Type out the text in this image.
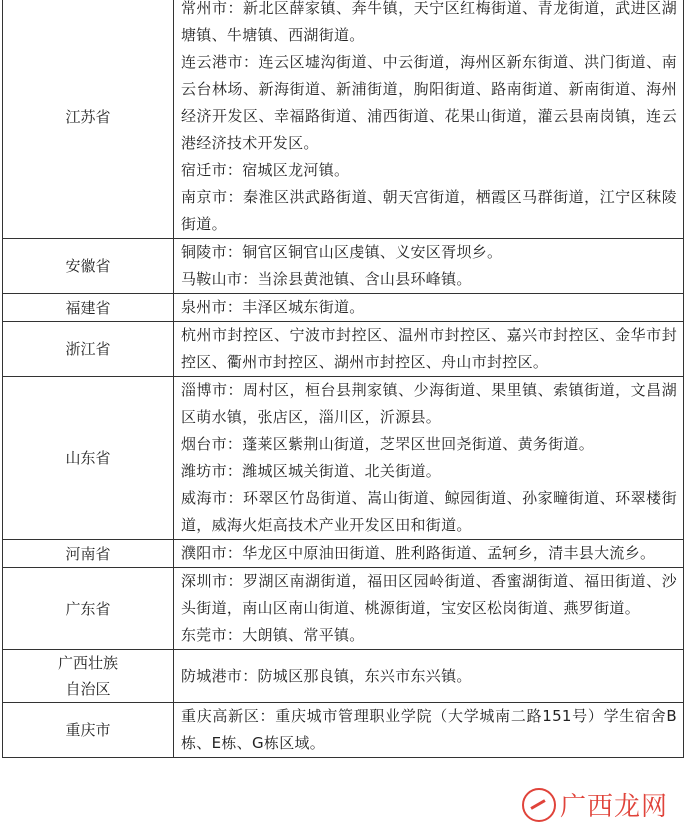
江苏省	常州市：新北区薛家镇、奔牛镇，天宁区红梅街道、青龙街道，武进区湖塘镇、牛塘镇、西湖街道。
连云港市：连云区墟沟街道、中云街道，海州区新东街道、洪门街道、南云台林场、新海街道、新浦街道，朐阳街道、路南街道、新南街道、海州经济开发区、幸福路街道、浦西街道、花果山街道，灌云县南岗镇，连云港经济技术开发区。
宿迁市：宿城区龙河镇。
南京市：秦淮区洪武路街道、朝天宫街道，栖霞区马群街道，江宁区秣陵街道。

安徽省	铜陵市：铜官区铜官山区虔镇、义安区胥坝乡。
马鞍山市：当涂县黄池镇、含山县环峰镇。

福建省	泉州市：丰泽区城东街道。

浙江省	杭州市封控区、宁波市封控区、温州市封控区、嘉兴市封控区、金华市封控区、衢州市封控区、湖州市封控区、舟山市封控区。

山东省	淄博市：周村区，桓台县荆家镇、少海街道、果里镇、索镇街道，文昌湖区萌水镇，张店区，淄川区，沂源县。
烟台市：蓬莱区紫荆山街道，芝罘区世回尧街道、黄务街道。
潍坊市：潍城区城关街道、北关街道。
威海市：环翠区竹岛街道、嵩山街道、鲸园街道、孙家疃街道、环翠楼街道，威海火炬高技术产业开发区田和街道。

河南省	濮阳市：华龙区中原油田街道、胜利路街道、孟轲乡，清丰县大流乡。

广东省	深圳市：罗湖区南湖街道，福田区园岭街道、香蜜湖街道、福田街道、沙头街道，南山区南山街道、桃源街道，宝安区松岗街道、燕罗街道。
东莞市：大朗镇、常平镇。

广西壮族
自治区	防城港市：防城区那良镇，东兴市东兴镇。

重庆市	重庆高新区：重庆城市管理职业学院（大学城南二路151号）学生宿舍B栋、E栋、G栋区域。
广西龙网
